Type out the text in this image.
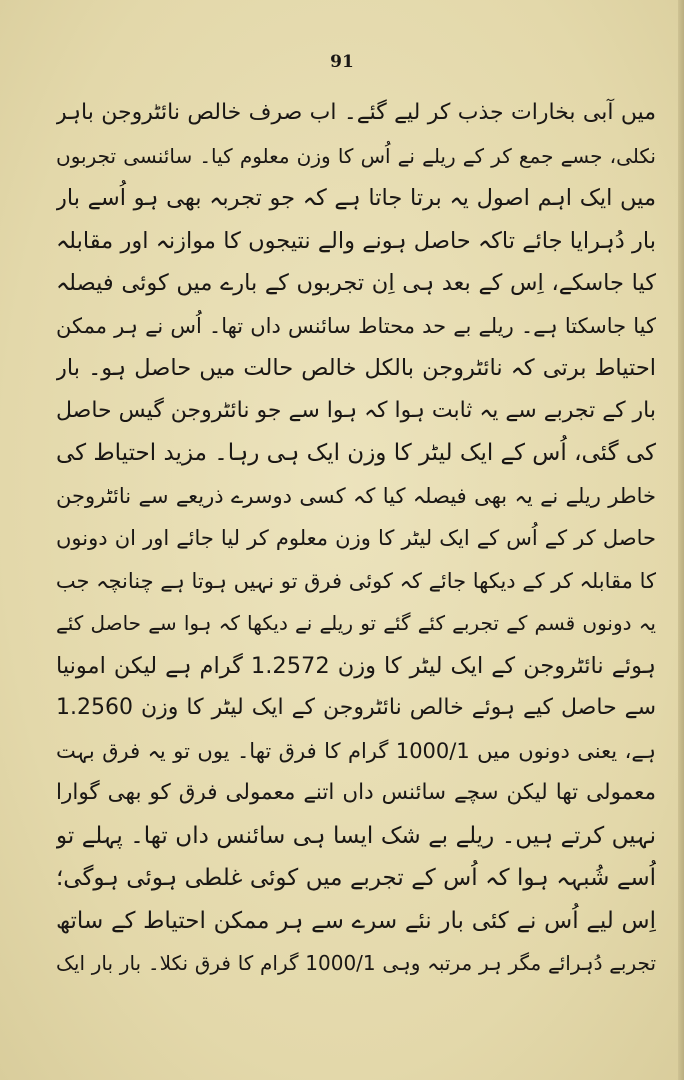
91
میں آبی بخارات جذب کر لیے گئے۔ اب صرف خالص نائٹروجن باہر
نکلی، جسے جمع کر کے ریلے نے اُس کا وزن معلوم کیا۔ سائنسی تجربوں
میں ایک اہم اصول یہ برتا جاتا ہے کہ جو تجربہ بھی ہو اُسے بار
بار دُہرایا جائے تاکہ حاصل ہونے والے نتیجوں کا موازنہ اور مقابلہ
کیا جاسکے، اِس کے بعد ہی اِن تجربوں کے بارے میں کوئی فیصلہ
کیا جاسکتا ہے۔ ریلے بے حد محتاط سائنس داں تھا۔ اُس نے ہر ممکن
احتیاط برتی کہ نائٹروجن بالکل خالص حالت میں حاصل ہو۔ بار
بار کے تجربے سے یہ ثابت ہوا کہ ہوا سے جو نائٹروجن گیس حاصل
کی گئی، اُس کے ایک لیٹر کا وزن ایک ہی رہا۔ مزید احتیاط کی
خاطر ریلے نے یہ بھی فیصلہ کیا کہ کسی دوسرے ذریعے سے نائٹروجن
حاصل کر کے اُس کے ایک لیٹر کا وزن معلوم کر لیا جائے اور ان دونوں
کا مقابلہ کر کے دیکھا جائے کہ کوئی فرق تو نہیں ہوتا ہے چنانچہ جب
یہ دونوں قسم کے تجربے کئے گئے تو ریلے نے دیکھا کہ ہوا سے حاصل کئے
ہوئے نائٹروجن کے ایک لیٹر کا وزن 1.2572 گرام ہے لیکن امونیا
سے حاصل کیے ہوئے خالص نائٹروجن کے ایک لیٹر کا وزن 1.2560
ہے، یعنی دونوں میں 1000/1 گرام کا فرق تھا۔ یوں تو یہ فرق بہت
معمولی تھا لیکن سچے سائنس داں اتنے معمولی فرق کو بھی گوارا
نہیں کرتے ہیں۔ ریلے بے شک ایسا ہی سائنس داں تھا۔ پہلے تو
اُسے شُبہہ ہوا کہ اُس کے تجربے میں کوئی غلطی ہوئی ہوگی؛
اِس لیے اُس نے کئی بار نئے سرے سے ہر ممکن احتیاط کے ساتھ
تجربے دُہرائے مگر ہر مرتبہ وہی 1000/1 گرام کا فرق نکلا۔ بار بار ایک
